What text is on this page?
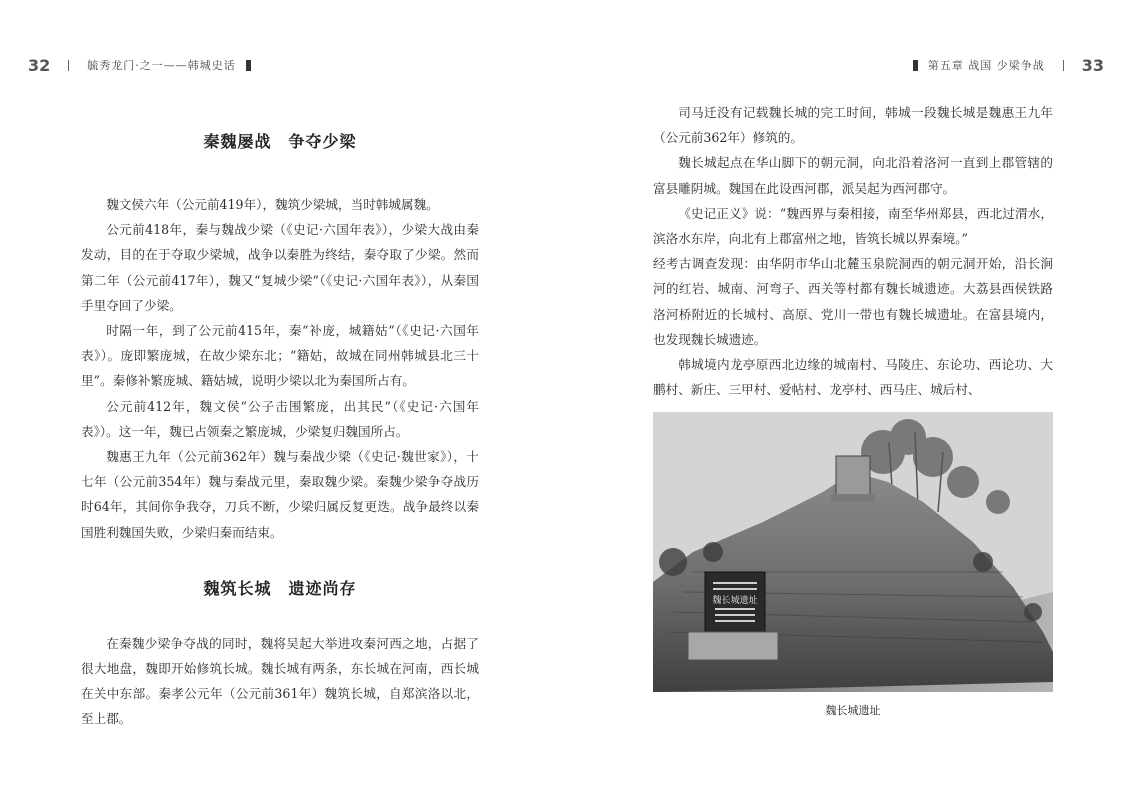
32	毓秀龙门·之一——韩城史话
秦魏屡战　争夺少梁

魏文侯六年（公元前419年），魏筑少梁城，当时韩城属魏。

公元前418年，秦与魏战少梁（《史记·六国年表》），少梁大战由秦发动，目的在于夺取少梁城，战争以秦胜为终结，秦夺取了少梁。然而第二年（公元前417年），魏又“复城少梁”（《史记·六国年表》），从秦国手里夺回了少梁。

时隔一年，到了公元前415年，秦“补庞，城籍姑”（《史记·六国年表》）。庞即繁庞城，在故少梁东北；“籍姑，故城在同州韩城县北三十里”。秦修补繁庞城、籍姑城，说明少梁以北为秦国所占有。

公元前412年，魏文侯“公子击围繁庞，出其民”（《史记·六国年表》）。这一年，魏已占领秦之繁庞城，少梁复归魏国所占。

魏惠王九年（公元前362年）魏与秦战少梁（《史记·魏世家》），十七年（公元前354年）魏与秦战元里，秦取魏少梁。秦魏少梁争夺战历时64年，其间你争我夺，刀兵不断，少梁归属反复更迭。战争最终以秦国胜利魏国失败，少梁归秦而结束。

魏筑长城　遗迹尚存

在秦魏少梁争夺战的同时，魏将吴起大举进攻秦河西之地，占据了很大地盘，魏即开始修筑长城。魏长城有两条，东长城在河南，西长城在关中东部。秦孝公元年（公元前361年）魏筑长城，自郑滨洛以北，至上郡。

第五章 战国 少梁争战 33

司马迁没有记载魏长城的完工时间，韩城一段魏长城是魏惠王九年（公元前362年）修筑的。

魏长城起点在华山脚下的朝元洞，向北沿着洛河一直到上郡管辖的富县雕阴城。魏国在此设西河郡，派吴起为西河郡守。

《史记正义》说：“魏西界与秦相接，南至华州郑县，西北过渭水，滨洛水东岸，向北有上郡富州之地，皆筑长城以界秦境。”

经考古调查发现：由华阴市华山北麓玉泉院洞西的朝元洞开始，沿长涧河的红岩、城南、河弯子、西关等村都有魏长城遗迹。大荔县西侯铁路洛河桥附近的长城村、高原、党川一带也有魏长城遗址。在富县境内，也发现魏长城遗迹。

韩城境内龙亭原西北边缘的城南村、马陵庄、东论功、西论功、大鹏村、新庄、三甲村、爱帖村、龙亭村、西马庄、城后村、

魏长城遗址
魏长城遗址
